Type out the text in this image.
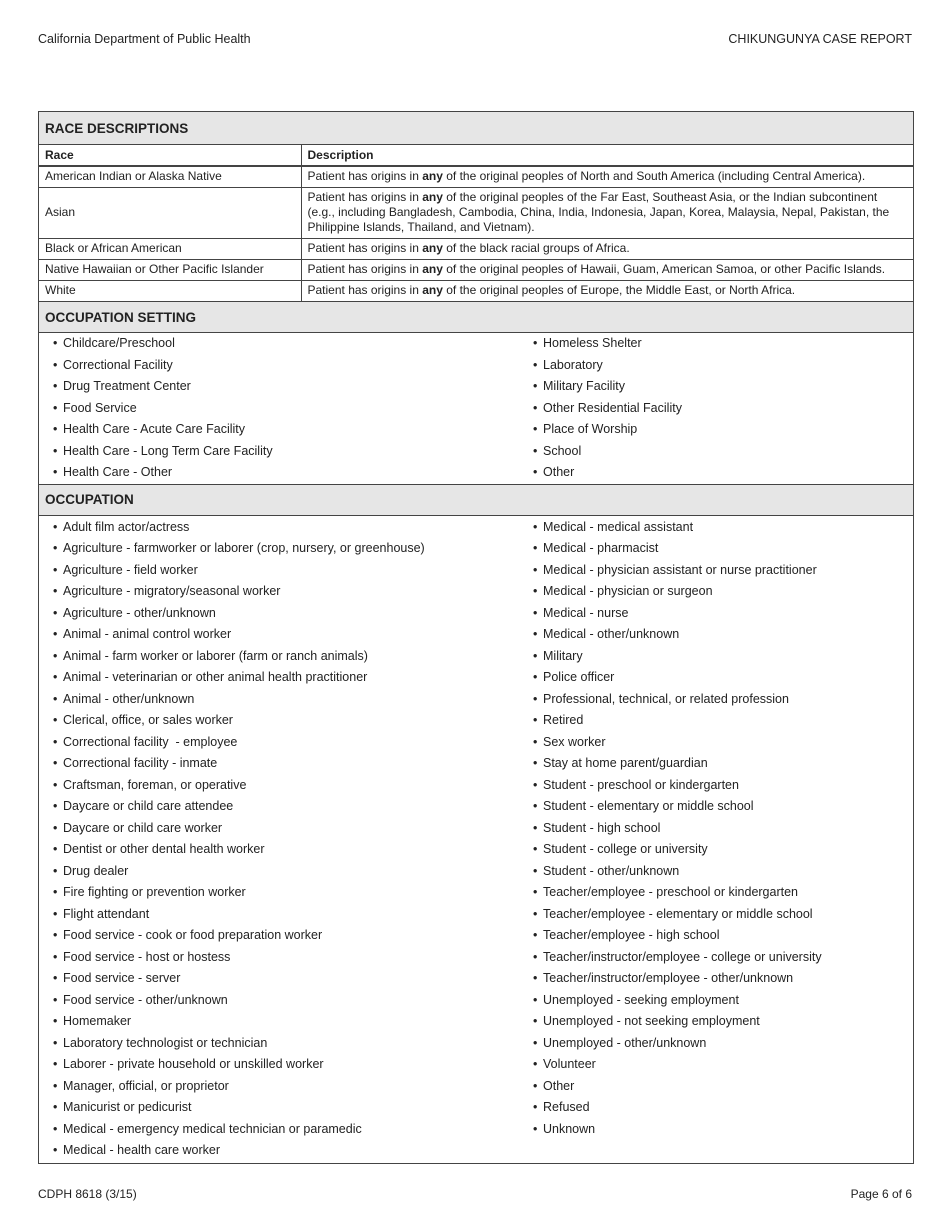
California Department of Public Health	CHIKUNGUNYA CASE REPORT
RACE DESCRIPTIONS
Race	Description
American Indian or Alaska Native	Patient has origins in any of the original peoples of North and South America (including Central America).
Asian	Patient has origins in any of the original peoples of the Far East, Southeast Asia, or the Indian subcontinent (e.g., including Bangladesh, Cambodia, China, India, Indonesia, Japan, Korea, Malaysia, Nepal, Pakistan, the Philippine Islands, Thailand, and Vietnam).
Black or African American	Patient has origins in any of the black racial groups of Africa.
Native Hawaiian or Other Pacific Islander	Patient has origins in any of the original peoples of Hawaii, Guam, American Samoa, or other Pacific Islands.
White	Patient has origins in any of the original peoples of Europe, the Middle East, or North Africa.
OCCUPATION SETTING
• Childcare/Preschool
• Correctional Facility
• Drug Treatment Center
• Food Service
• Health Care - Acute Care Facility
• Health Care - Long Term Care Facility
• Health Care - Other
• Homeless Shelter
• Laboratory
• Military Facility
• Other Residential Facility
• Place of Worship
• School
• Other
OCCUPATION
• Adult film actor/actress
• Agriculture - farmworker or laborer (crop, nursery, or greenhouse)
• Agriculture - field worker
• Agriculture - migratory/seasonal worker
• Agriculture - other/unknown
• Animal - animal control worker
• Animal - farm worker or laborer (farm or ranch animals)
• Animal - veterinarian or other animal health practitioner
• Animal - other/unknown
• Clerical, office, or sales worker
• Correctional facility  - employee
• Correctional facility - inmate
• Craftsman, foreman, or operative
• Daycare or child care attendee
• Daycare or child care worker
• Dentist or other dental health worker
• Drug dealer
• Fire fighting or prevention worker
• Flight attendant
• Food service - cook or food preparation worker
• Food service - host or hostess
• Food service - server
• Food service - other/unknown
• Homemaker
• Laboratory technologist or technician
• Laborer - private household or unskilled worker
• Manager, official, or proprietor
• Manicurist or pedicurist
• Medical - emergency medical technician or paramedic
• Medical - health care worker
• Medical - medical assistant
• Medical - pharmacist
• Medical - physician assistant or nurse practitioner
• Medical - physician or surgeon
• Medical - nurse
• Medical - other/unknown
• Military
• Police officer
• Professional, technical, or related profession
• Retired
• Sex worker
• Stay at home parent/guardian
• Student - preschool or kindergarten
• Student - elementary or middle school
• Student - high school
• Student - college or university
• Student - other/unknown
• Teacher/employee - preschool or kindergarten
• Teacher/employee - elementary or middle school
• Teacher/employee - high school
• Teacher/instructor/employee - college or university
• Teacher/instructor/employee - other/unknown
• Unemployed - seeking employment
• Unemployed - not seeking employment
• Unemployed - other/unknown
• Volunteer
• Other
• Refused
• Unknown
CDPH 8618 (3/15)	Page 6 of 6
